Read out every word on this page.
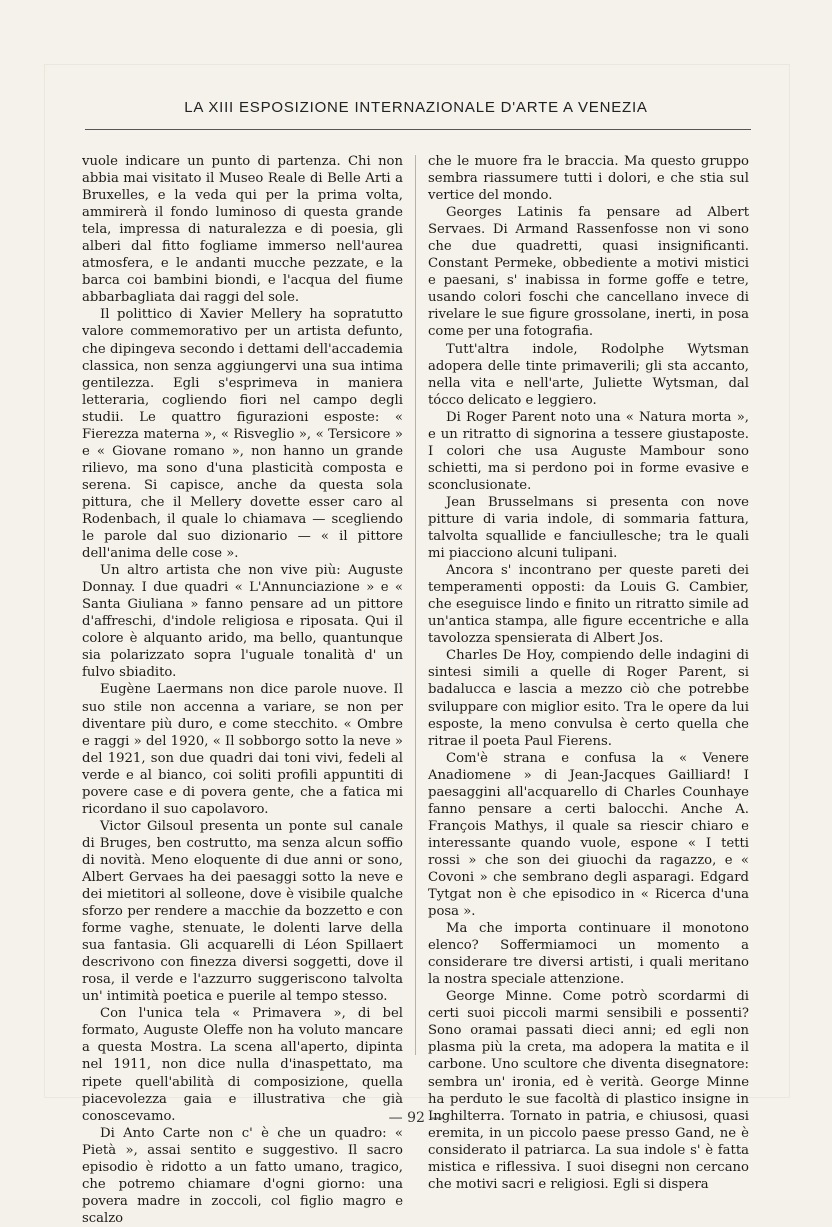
LA XIII ESPOSIZIONE INTERNAZIONALE D'ARTE A VENEZIA

vuole indicare un punto di partenza. Chi non abbia mai visitato il Museo Reale di Belle Arti a Bruxelles, e la veda qui per la prima volta, ammirerà il fondo luminoso di questa grande tela, impressa di naturalezza e di poesia, gli alberi dal fitto fogliame immerso nell'aurea atmosfera, e le andanti mucche pezzate, e la barca coi bambini biondi, e l'acqua del fiume abbarbagliata dai raggi del sole.

Il polittico di Xavier Mellery ha sopratutto valore commemorativo per un artista defunto, che dipingeva secondo i dettami dell'accademia classica, non senza aggiungervi una sua intima gentilezza. Egli s'esprimeva in maniera letteraria, cogliendo fiori nel campo degli studii. Le quattro figurazioni esposte: « Fierezza materna », « Risveglio », « Tersicore » e « Giovane romano », non hanno un grande rilievo, ma sono d'una plasticità composta e serena. Si capisce, anche da questa sola pittura, che il Mellery dovette esser caro al Rodenbach, il quale lo chiamava — scegliendo le parole dal suo dizionario — « il pittore dell'anima delle cose ».

Un altro artista che non vive più: Auguste Donnay. I due quadri « L'Annunciazione » e « Santa Giuliana » fanno pensare ad un pittore d'affreschi, d'indole religiosa e riposata. Qui il colore è alquanto arido, ma bello, quantunque sia polarizzato sopra l'uguale tonalità d' un fulvo sbiadito.

Eugène Laermans non dice parole nuove. Il suo stile non accenna a variare, se non per diventare più duro, e come stecchito. « Ombre e raggi » del 1920, « Il sobborgo sotto la neve » del 1921, son due quadri dai toni vivi, fedeli al verde e al bianco, coi soliti profili appuntiti di povere case e di povera gente, che a fatica mi ricordano il suo capolavoro.

Victor Gilsoul presenta un ponte sul canale di Bruges, ben costrutto, ma senza alcun soffio di novità. Meno eloquente di due anni or sono, Albert Gervaes ha dei paesaggi sotto la neve e dei mietitori al solleone, dove è visibile qualche sforzo per rendere a macchie da bozzetto e con forme vaghe, stenuate, le dolenti larve della sua fantasia. Gli acquarelli di Léon Spillaert descrivono con finezza diversi soggetti, dove il rosa, il verde e l'azzurro suggeriscono talvolta un' intimità poetica e puerile al tempo stesso.

Con l'unica tela « Primavera », di bel formato, Auguste Oleffe non ha voluto mancare a questa Mostra. La scena all'aperto, dipinta nel 1911, non dice nulla d'inaspettato, ma ripete quell'abilità di composizione, quella piacevolezza gaia e illustrativa che già conoscevamo.

Di Anto Carte non c' è che un quadro: « Pietà », assai sentito e suggestivo. Il sacro episodio è ridotto a un fatto umano, tragico, che potremo chiamare d'ogni giorno: una povera madre in zoccoli, col figlio magro e scalzo

che le muore fra le braccia. Ma questo gruppo sembra riassumere tutti i dolori, e che stia sul vertice del mondo.

Georges Latinis fa pensare ad Albert Servaes. Di Armand Rassenfosse non vi sono che due quadretti, quasi insignificanti. Constant Permeke, obbediente a motivi mistici e paesani, s' inabissa in forme goffe e tetre, usando colori foschi che cancellano invece di rivelare le sue figure grossolane, inerti, in posa come per una fotografia.

Tutt'altra indole, Rodolphe Wytsman adopera delle tinte primaverili; gli sta accanto, nella vita e nell'arte, Juliette Wytsman, dal tócco delicato e leggiero.

Di Roger Parent noto una « Natura morta », e un ritratto di signorina a tessere giustaposte. I colori che usa Auguste Mambour sono schietti, ma si perdono poi in forme evasive e sconclusionate.

Jean Brusselmans si presenta con nove pitture di varia indole, di sommaria fattura, talvolta squallide e fanciullesche; tra le quali mi piacciono alcuni tulipani.

Ancora s' incontrano per queste pareti dei temperamenti opposti: da Louis G. Cambier, che eseguisce lindo e finito un ritratto simile ad un'antica stampa, alle figure eccentriche e alla tavolozza spensierata di Albert Jos.

Charles De Hoy, compiendo delle indagini di sintesi simili a quelle di Roger Parent, si badalucca e lascia a mezzo ciò che potrebbe sviluppare con miglior esito. Tra le opere da lui esposte, la meno convulsa è certo quella che ritrae il poeta Paul Fierens.

Com'è strana e confusa la « Venere Anadiomene » di Jean-Jacques Gailliard! I paesaggini all'acquarello di Charles Counhaye fanno pensare a certi balocchi. Anche A. François Mathys, il quale sa riescir chiaro e interessante quando vuole, espone « I tetti rossi » che son dei giuochi da ragazzo, e « Covoni » che sembrano degli asparagi. Edgard Tytgat non è che episodico in « Ricerca d'una posa ».

Ma che importa continuare il monotono elenco? Soffermiamoci un momento a considerare tre diversi artisti, i quali meritano la nostra speciale attenzione.

George Minne. Come potrò scordarmi di certi suoi piccoli marmi sensibili e possenti? Sono oramai passati dieci anni; ed egli non plasma più la creta, ma adopera la matita e il carbone. Uno scultore che diventa disegnatore: sembra un' ironia, ed è verità. George Minne ha perduto le sue facoltà di plastico insigne in Inghilterra. Tornato in patria, e chiusosi, quasi eremita, in un piccolo paese presso Gand, ne è considerato il patriarca. La sua indole s' è fatta mistica e riflessiva. I suoi disegni non cercano che motivi sacri e religiosi. Egli si dispera

— 92 —
